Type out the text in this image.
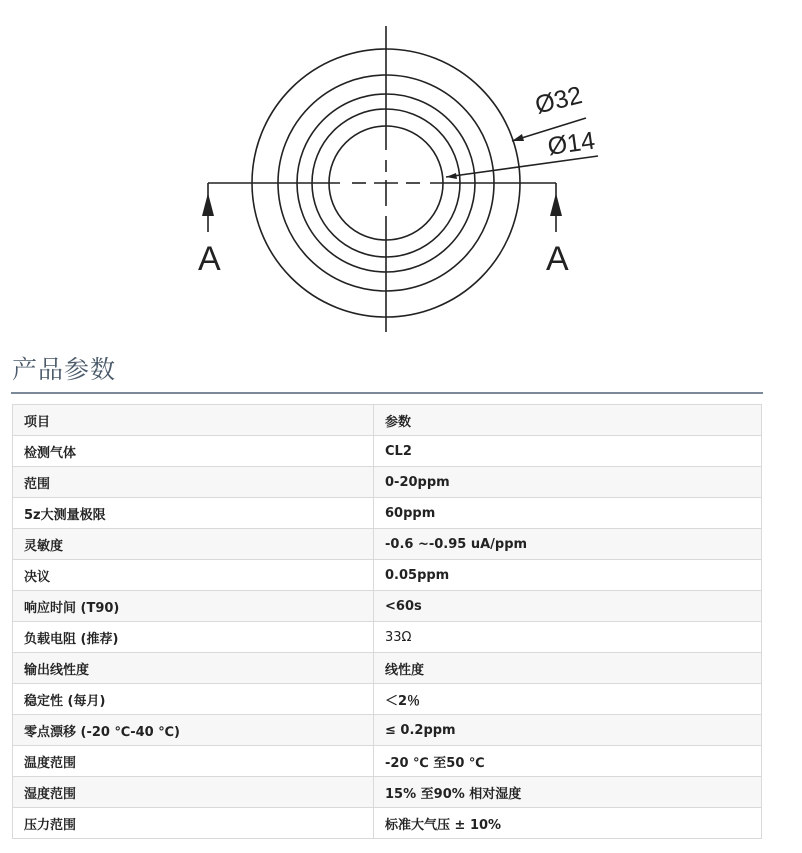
Ø32
Ø14
A	A
产品参数
项目	参数
检测气体	CL2
范围	0-20ppm
5z大测量极限	60ppm
灵敏度	-0.6 ~-0.95 uA/ppm
决议	0.05ppm
响应时间 (T90)	<60s
负载电阻 (推荐)	33Ω
输出线性度	线性度
稳定性 (每月)	＜2％
零点漂移 (-20 ℃-40 ℃)	≤ 0.2ppm
温度范围	-20 ℃ 至50 ℃
湿度范围	15% 至90% 相对湿度
压力范围	标准大气压 ± 10%
